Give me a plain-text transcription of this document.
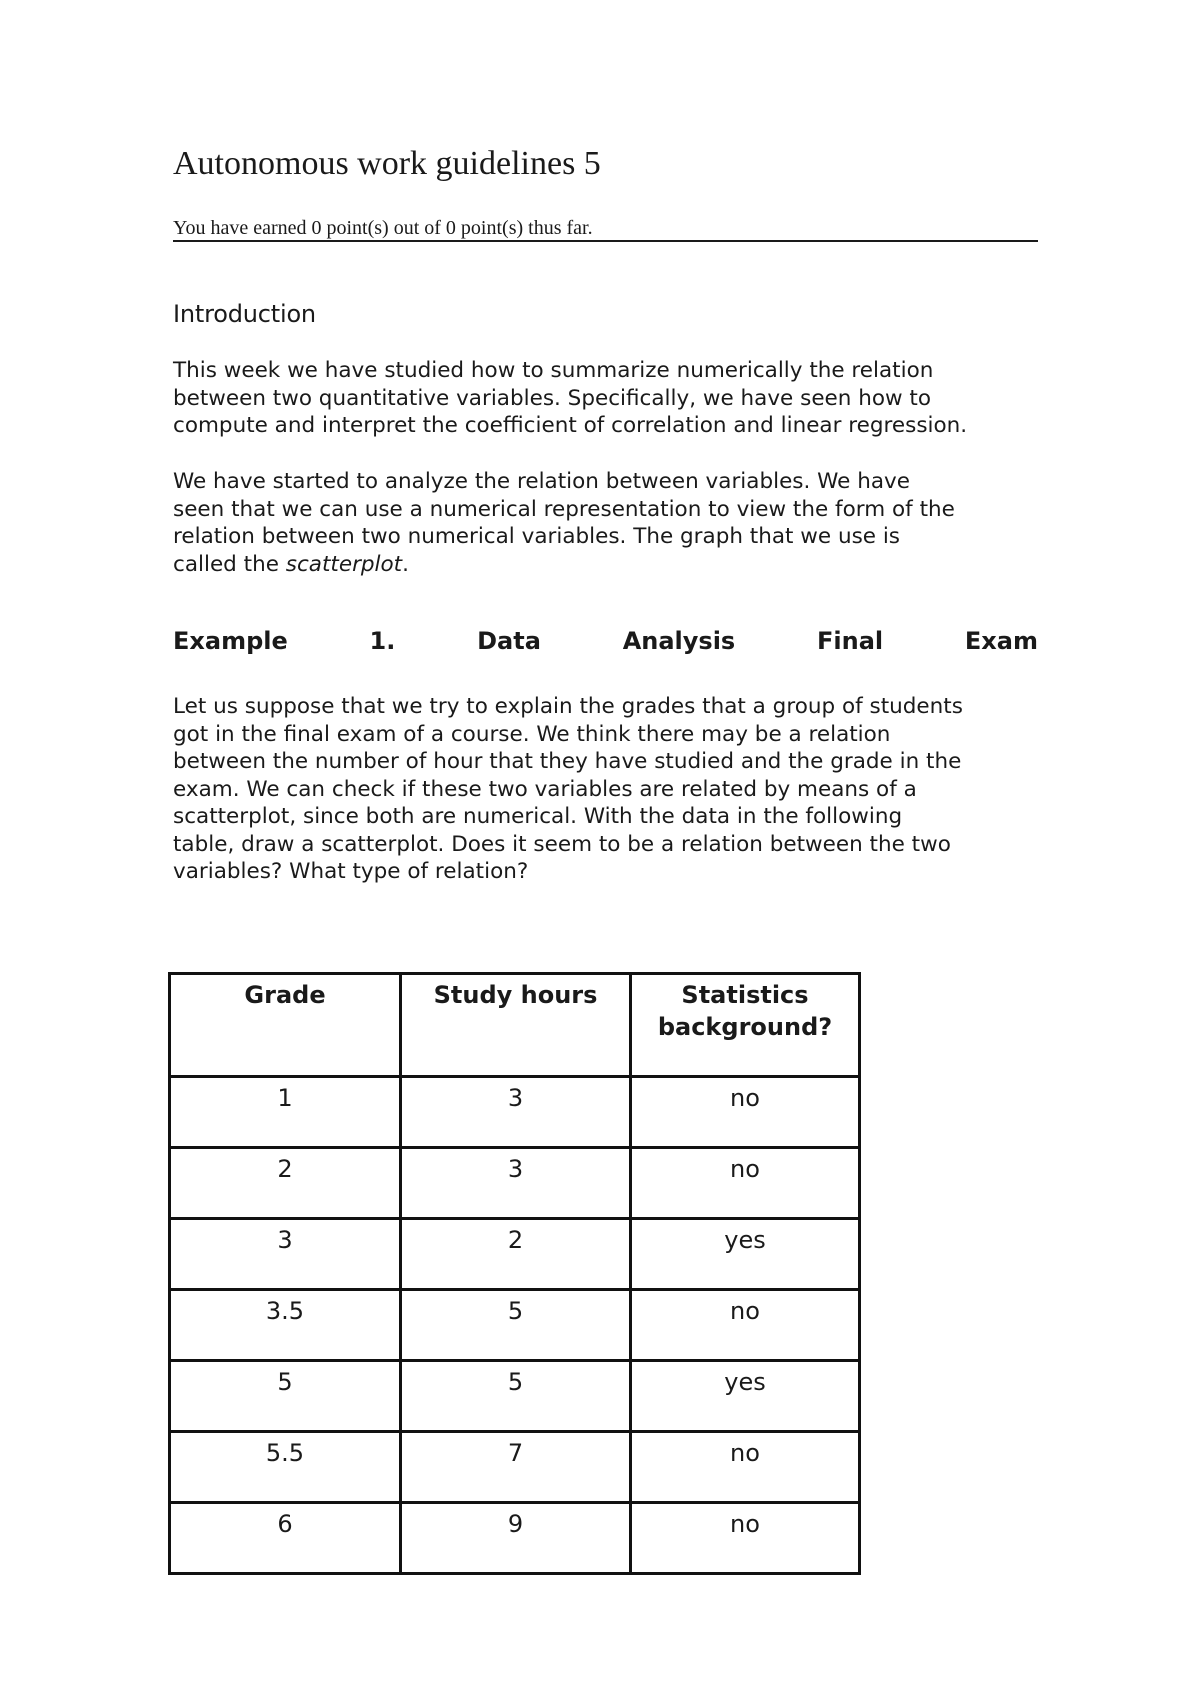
Autonomous work guidelines 5
You have earned 0 point(s) out of 0 point(s) thus far.
Introduction

This week we have studied how to summarize numerically the relation
between two quantitative variables. Specifically, we have seen how to
compute and interpret the coefficient of correlation and linear regression.

We have started to analyze the relation between variables. We have
seen that we can use a numerical representation to view the form of the
relation between two numerical variables. The graph that we use is
called the scatterplot.

Example	1.	Data	Analysis	Final	Exam

Let us suppose that we try to explain the grades that a group of students
got in the final exam of a course. We think there may be a relation
between the number of hour that they have studied and the grade in the
exam. We can check if these two variables are related by means of a
scatterplot, since both are numerical. With the data in the following
table, draw a scatterplot. Does it seem to be a relation between the two
variables? What type of relation?

Grade	Study hours	Statistics
background?
1	3	no
2	3	no
3	2	yes
3.5	5	no
5	5	yes
5.5	7	no
6	9	no
